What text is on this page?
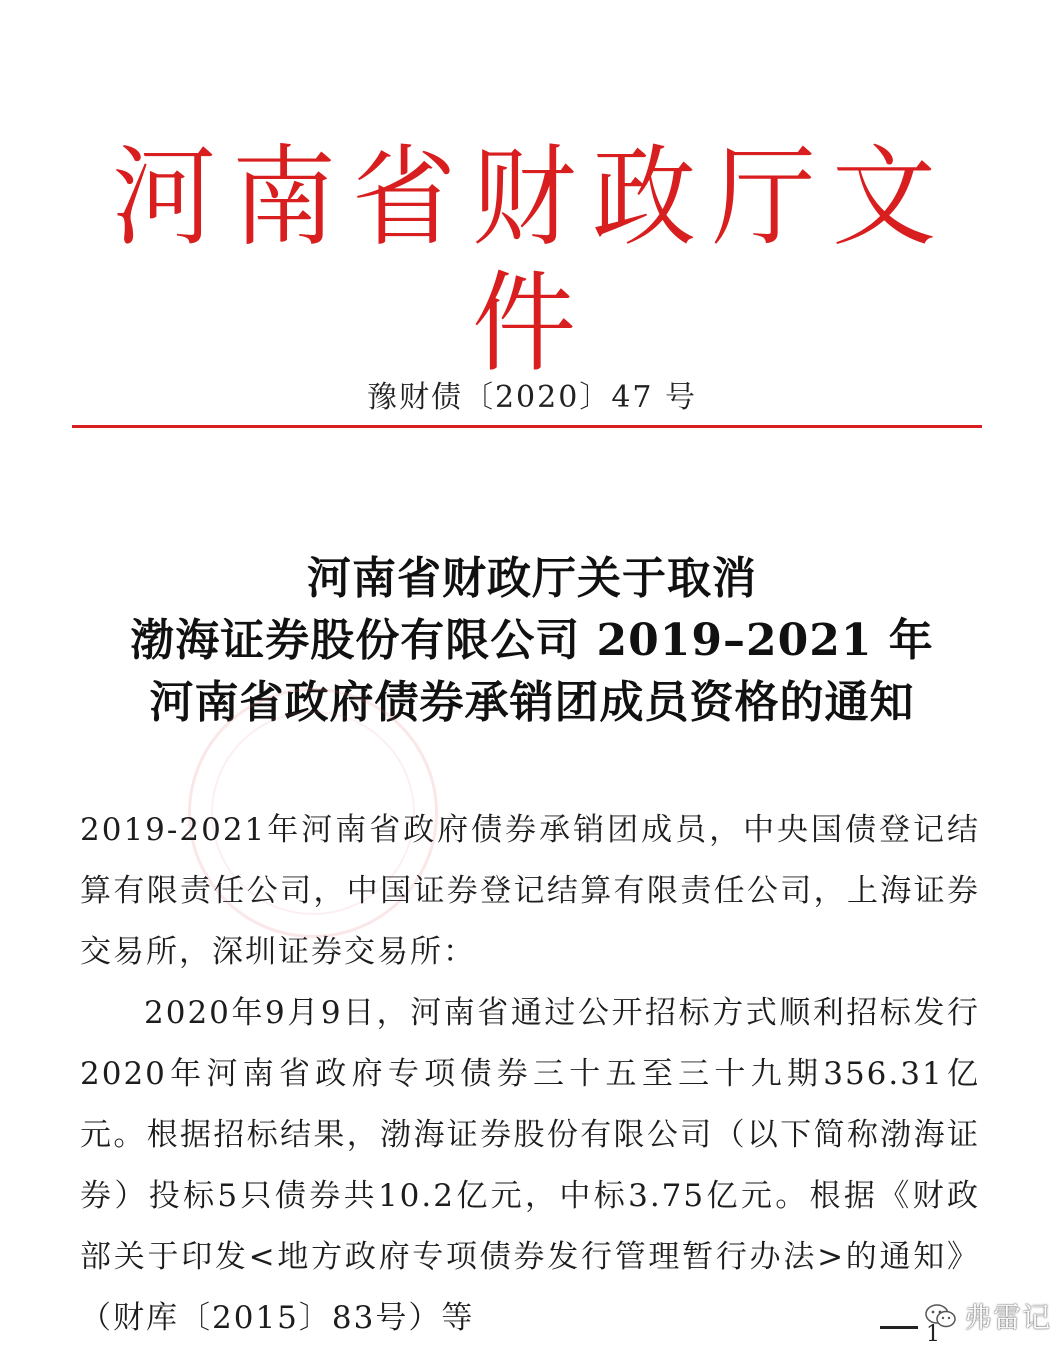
河南省财政厅文件
豫财债〔2020〕47 号
河南省财政厅关于取消
渤海证券股份有限公司 2019–2021 年
河南省政府债券承销团成员资格的通知

2019-2021年河南省政府债券承销团成员，中央国债登记结算有限责任公司，中国证券登记结算有限责任公司，上海证券交易所，深圳证券交易所：

2020年9月9日，河南省通过公开招标方式顺利招标发行2020年河南省政府专项债券三十五至三十九期356.31亿元。根据招标结果，渤海证券股份有限公司（以下简称渤海证券）投标5只债券共10.2亿元，中标3.75亿元。根据《财政部关于印发<地方政府专项债券发行管理暂行办法>的通知》（财库〔2015〕83号）等	弗雷记
1
